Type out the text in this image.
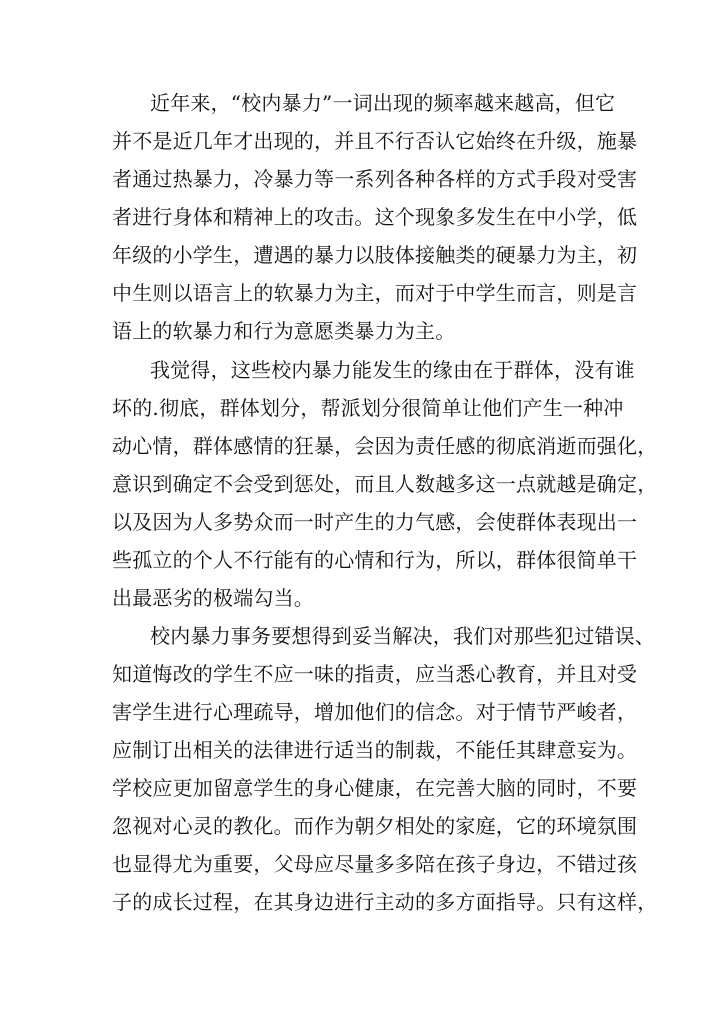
近年来，“校内暴力”一词出现的频率越来越高，但它
并不是近几年才出现的，并且不行否认它始终在升级，施暴
者通过热暴力，冷暴力等一系列各种各样的方式手段对受害
者进行身体和精神上的攻击。这个现象多发生在中小学，低
年级的小学生，遭遇的暴力以肢体接触类的硬暴力为主，初
中生则以语言上的软暴力为主，而对于中学生而言，则是言
语上的软暴力和行为意愿类暴力为主。
我觉得，这些校内暴力能发生的缘由在于群体，没有谁
坏的.彻底，群体划分，帮派划分很简单让他们产生一种冲
动心情，群体感情的狂暴，会因为责任感的彻底消逝而强化，
意识到确定不会受到惩处，而且人数越多这一点就越是确定，
以及因为人多势众而一时产生的力气感，会使群体表现出一
些孤立的个人不行能有的心情和行为，所以，群体很简单干
出最恶劣的极端勾当。
校内暴力事务要想得到妥当解决，我们对那些犯过错误、
知道悔改的学生不应一味的指责，应当悉心教育，并且对受
害学生进行心理疏导，增加他们的信念。对于情节严峻者，
应制订出相关的法律进行适当的制裁，不能任其肆意妄为。
学校应更加留意学生的身心健康，在完善大脑的同时，不要
忽视对心灵的教化。而作为朝夕相处的家庭，它的环境氛围
也显得尤为重要，父母应尽量多多陪在孩子身边，不错过孩
子的成长过程，在其身边进行主动的多方面指导。只有这样，
